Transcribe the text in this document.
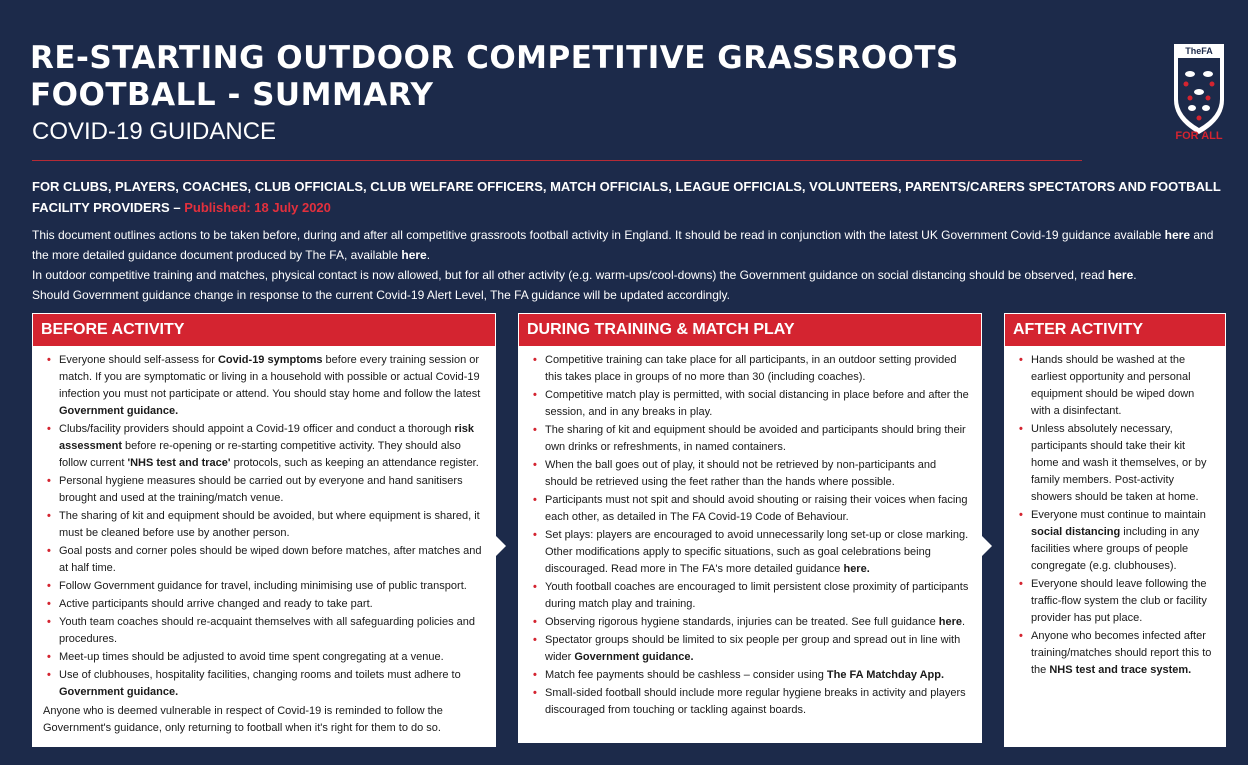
RE-STARTING OUTDOOR COMPETITIVE GRASSROOTS FOOTBALL - SUMMARY
COVID-19 GUIDANCE
TheFA
FOR ALL
FOR CLUBS, PLAYERS, COACHES, CLUB OFFICIALS, CLUB WELFARE OFFICERS, MATCH OFFICIALS, LEAGUE OFFICIALS, VOLUNTEERS, PARENTS/CARERS SPECTATORS AND FOOTBALL FACILITY PROVIDERS – Published: 18 July 2020

This document outlines actions to be taken before, during and after all competitive grassroots football activity in England. It should be read in conjunction with the latest UK Government Covid-19 guidance available here and the more detailed guidance document produced by The FA, available here.

In outdoor competitive training and matches, physical contact is now allowed, but for all other activity (e.g. warm-ups/cool-downs) the Government guidance on social distancing should be observed, read here.

Should Government guidance change in response to the current Covid-19 Alert Level, The FA guidance will be updated accordingly.

BEFORE ACTIVITY
• Everyone should self-assess for Covid-19 symptoms before every training session or match. If you are symptomatic or living in a household with possible or actual Covid-19 infection you must not participate or attend. You should stay home and follow the latest Government guidance.
• Clubs/facility providers should appoint a Covid-19 officer and conduct a thorough risk assessment before re-opening or re-starting competitive activity. They should also follow current 'NHS test and trace' protocols, such as keeping an attendance register.
• Personal hygiene measures should be carried out by everyone and hand sanitisers brought and used at the training/match venue.
• The sharing of kit and equipment should be avoided, but where equipment is shared, it must be cleaned before use by another person.
• Goal posts and corner poles should be wiped down before matches, after matches and at half time.
• Follow Government guidance for travel, including minimising use of public transport.
• Active participants should arrive changed and ready to take part.
• Youth team coaches should re-acquaint themselves with all safeguarding policies and procedures.
• Meet-up times should be adjusted to avoid time spent congregating at a venue.
• Use of clubhouses, hospitality facilities, changing rooms and toilets must adhere to Government guidance.
Anyone who is deemed vulnerable in respect of Covid-19 is reminded to follow the Government's guidance, only returning to football when it's right for them to do so.
DURING TRAINING & MATCH PLAY
• Competitive training can take place for all participants, in an outdoor setting provided this takes place in groups of no more than 30 (including coaches).
• Competitive match play is permitted, with social distancing in place before and after the session, and in any breaks in play.
• The sharing of kit and equipment should be avoided and participants should bring their own drinks or refreshments, in named containers.
• When the ball goes out of play, it should not be retrieved by non-participants and should be retrieved using the feet rather than the hands where possible.
• Participants must not spit and should avoid shouting or raising their voices when facing each other, as detailed in The FA Covid-19 Code of Behaviour.
• Set plays: players are encouraged to avoid unnecessarily long set-up or close marking. Other modifications apply to specific situations, such as goal celebrations being discouraged. Read more in The FA's more detailed guidance here.
• Youth football coaches are encouraged to limit persistent close proximity of participants during match play and training.
• Observing rigorous hygiene standards, injuries can be treated. See full guidance here.
• Spectator groups should be limited to six people per group and spread out in line with wider Government guidance.
• Match fee payments should be cashless – consider using The FA Matchday App.
• Small-sided football should include more regular hygiene breaks in activity and players discouraged from touching or tackling against boards.
AFTER ACTIVITY
• Hands should be washed at the earliest opportunity and personal equipment should be wiped down with a disinfectant.
• Unless absolutely necessary, participants should take their kit home and wash it themselves, or by family members. Post-activity showers should be taken at home.
• Everyone must continue to maintain social distancing including in any facilities where groups of people congregate (e.g. clubhouses).
• Everyone should leave following the traffic-flow system the club or facility provider has put place.
• Anyone who becomes infected after training/matches should report this to the NHS test and trace system.
